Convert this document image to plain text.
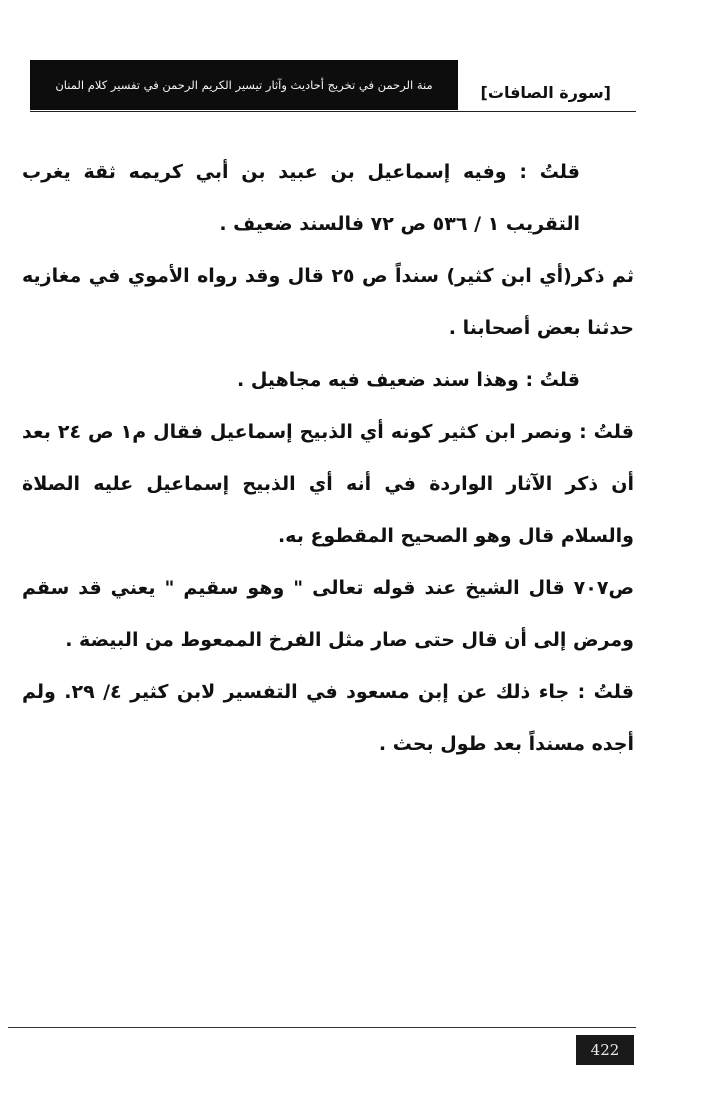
منة الرحمن في تخريج أحاديث وآثار تيسير الكريم الرحمن في تفسير كلام المنان	[سورة الصافات]

قلتُ : وفيه إسماعيل بن عبيد بن أبي كريمه ثقة يغرب التقريب ١ / ٥٣٦ ص ٧٢ فالسند ضعيف .

ثم ذكر(أي ابن كثير) سنداً ص ٢٥ قال وقد رواه الأموي في مغازيه حدثنا بعض أصحابنا .

قلتُ : وهذا سند ضعيف فيه مجاهيل .

قلتُ : ونصر ابن كثير كونه أي الذبيح إسماعيل فقال م١ ص ٢٤ بعد أن ذكر الآثار الواردة في أنه أي الذبيح إسماعيل عليه الصلاة والسلام قال وهو الصحيح المقطوع به.

ص٧٠٧ قال الشيخ عند قوله تعالى " وهو سقيم " يعني قد سقم ومرض إلى أن قال حتى صار مثل الفرخ الممعوط من البيضة .

قلتُ : جاء ذلك عن إبن مسعود في التفسير لابن كثير ٤/ ٢٩. ولم أجده مسنداً بعد طول بحث .

422
